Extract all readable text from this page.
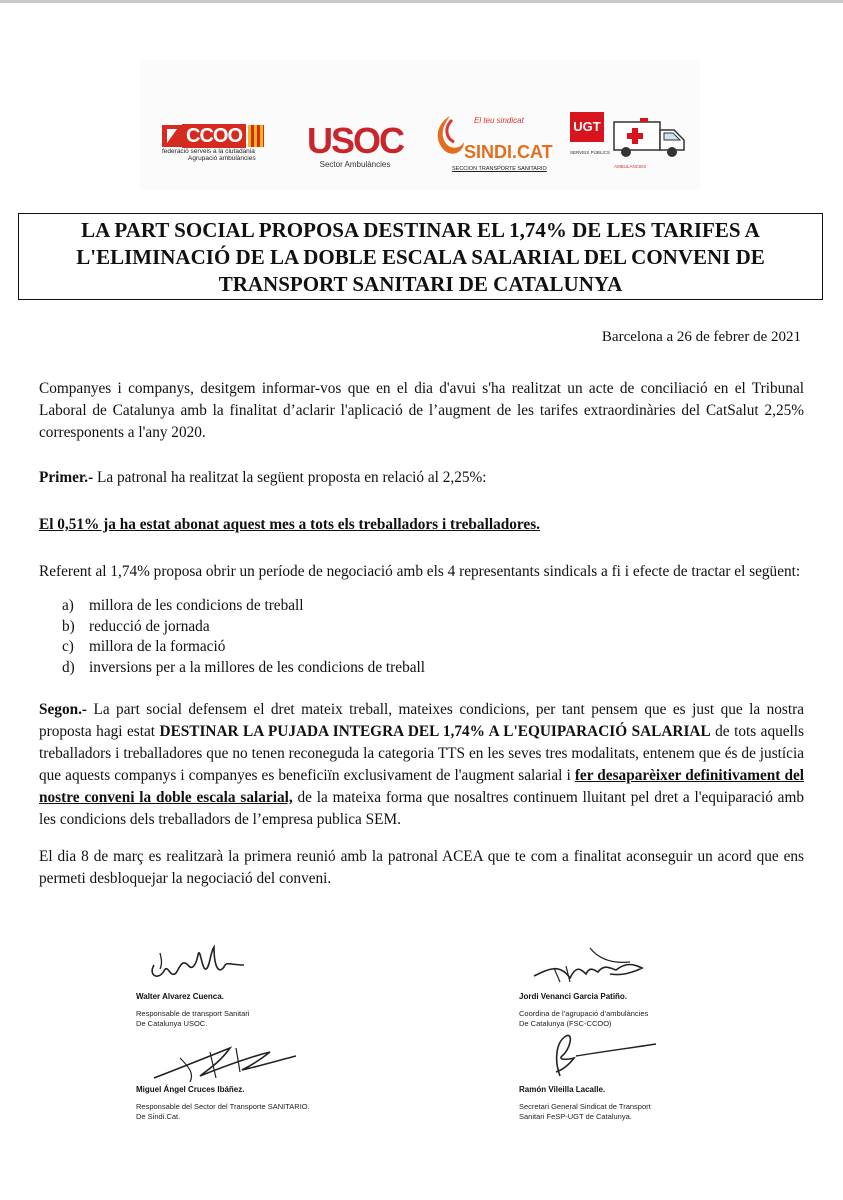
CCOO
federació serveis a la ciutadania
Agrupació ambulàncies	USOC
Sector Ambulàncies
El teu sindicat
SINDI.CAT
SECCION TRANSPORTE SANITARIO
UGT
SERVEIS PÚBLICS
AMBULÀNCIES
LA PART SOCIAL PROPOSA DESTINAR EL 1,74% DE LES TARIFES A
L'ELIMINACIÓ DE LA DOBLE ESCALA SALARIAL DEL CONVENI DE
TRANSPORT SANITARI DE CATALUNYA
Barcelona a 26 de febrer de 2021
Companyes i companys, desitgem informar-vos que en el dia d'avui s'ha realitzat un acte de conciliació en el Tribunal Laboral de Catalunya amb la finalitat d’aclarir l'aplicació de l’augment de les tarifes extraordinàries del CatSalut 2,25% corresponents a l'any 2020.
Primer.- La patronal ha realitzat la següent proposta en relació al 2,25%:
El 0,51% ja ha estat abonat aquest mes a tots els treballadors i treballadores.
Referent al 1,74% proposa obrir un període de negociació amb els 4 representants sindicals a fi i efecte de tractar el següent:
a) millora de les condicions de treball
b) reducció de jornada
c) millora de la formació
d) inversions per a la millores de les condicions de treball
Segon.- La part social defensem el dret mateix treball, mateixes condicions, per tant pensem que es just que la nostra proposta hagi estat DESTINAR LA PUJADA INTEGRA DEL 1,74% A L'EQUIPARACIÓ SALARIAL de tots aquells treballadors i treballadores que no tenen reconeguda la categoria TTS en les seves tres modalitats, entenem que és de justícia que aquests companys i companyes es beneficiïn exclusivament de l'augment salarial i fer desaparèixer definitivament del nostre conveni la doble escala salarial, de la mateixa forma que nosaltres continuem lluitant pel dret a l'equiparació amb les condicions dels treballadors de l’empresa publica SEM.
El dia 8 de març es realitzarà la primera reunió amb la patronal ACEA que te com a finalitat aconseguir un acord que ens permeti desbloquejar la negociació del conveni.
Walter Alvarez Cuenca.
Responsable de transport Sanitari
De Catalunya USOC.
Jordi Venanci Garcia Patiño.
Coordina de l’agrupació d’ambulàncies
De Catalunya (FSC-CCOO)
Miguel Ángel Cruces Ibáñez.
Responsable del Sector del Transporte SANITARIO.
De Sindi.Cat.
Ramón Vileilla Lacalle.
Secretari General Sindicat de Transport
Sanitari FeSP-UGT de Catalunya.
